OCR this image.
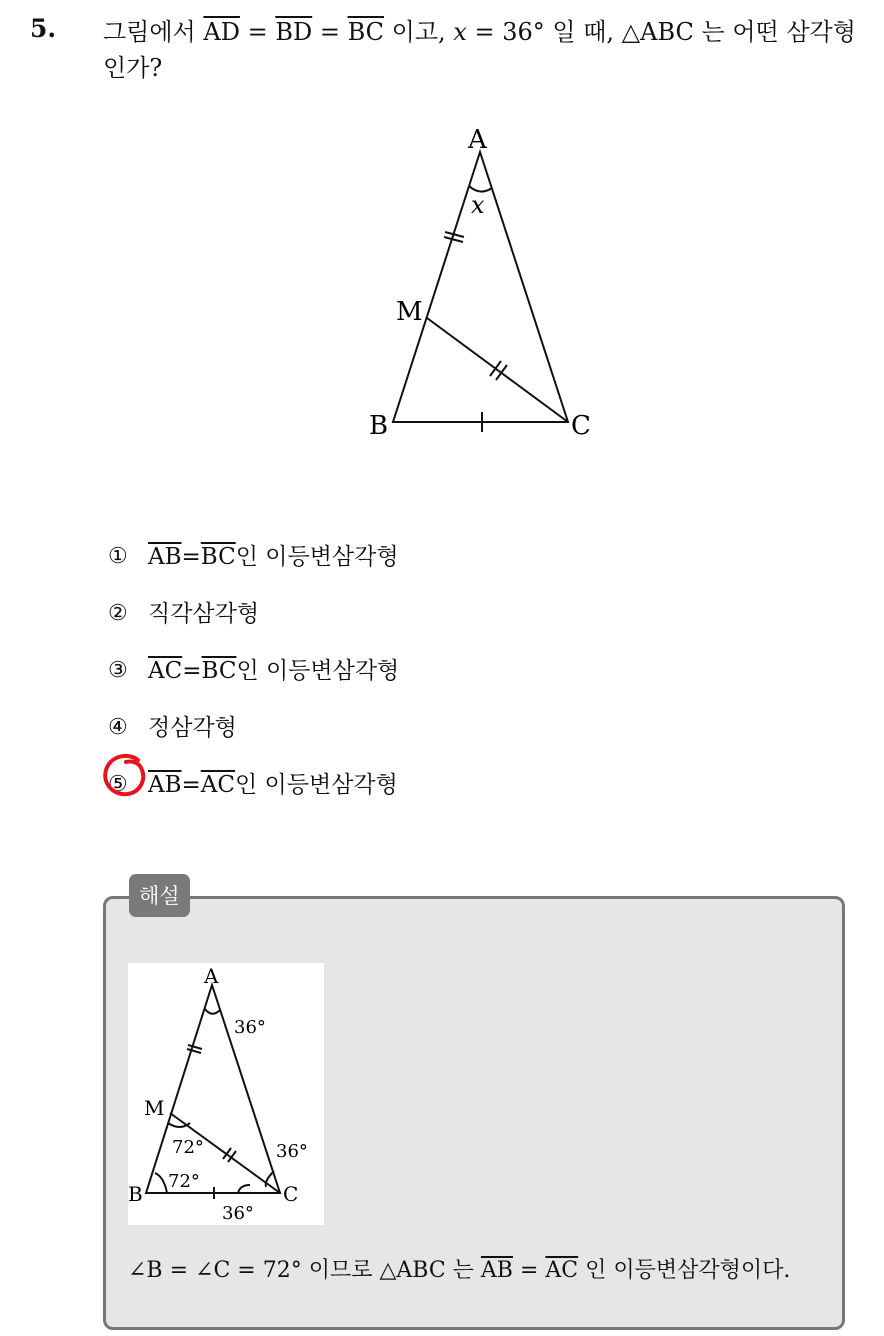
5. 그림에서 $\overline{AD} = \overline{BD} = \overline{BC}$ 이고, x = 36° 일 때, △ABC 는 어떤 삼각형인가?
A
B	C
M
x
① $\overline{AB} = \overline{BC}$ 인 이등변삼각형
② 직각삼각형
③ $\overline{AC} = \overline{BC}$ 인 이등변삼각형
④ 정삼각형
⑤ $\overline{AB} = \overline{AC}$ 인 이등변삼각형
A
B	C
M
36°
72°
72°
36°
36°
∠B = ∠C = 72° 이므로 △ABC 는 $\overline{AB} = \overline{AC}$ 인 이등변삼각형이다.
해설
